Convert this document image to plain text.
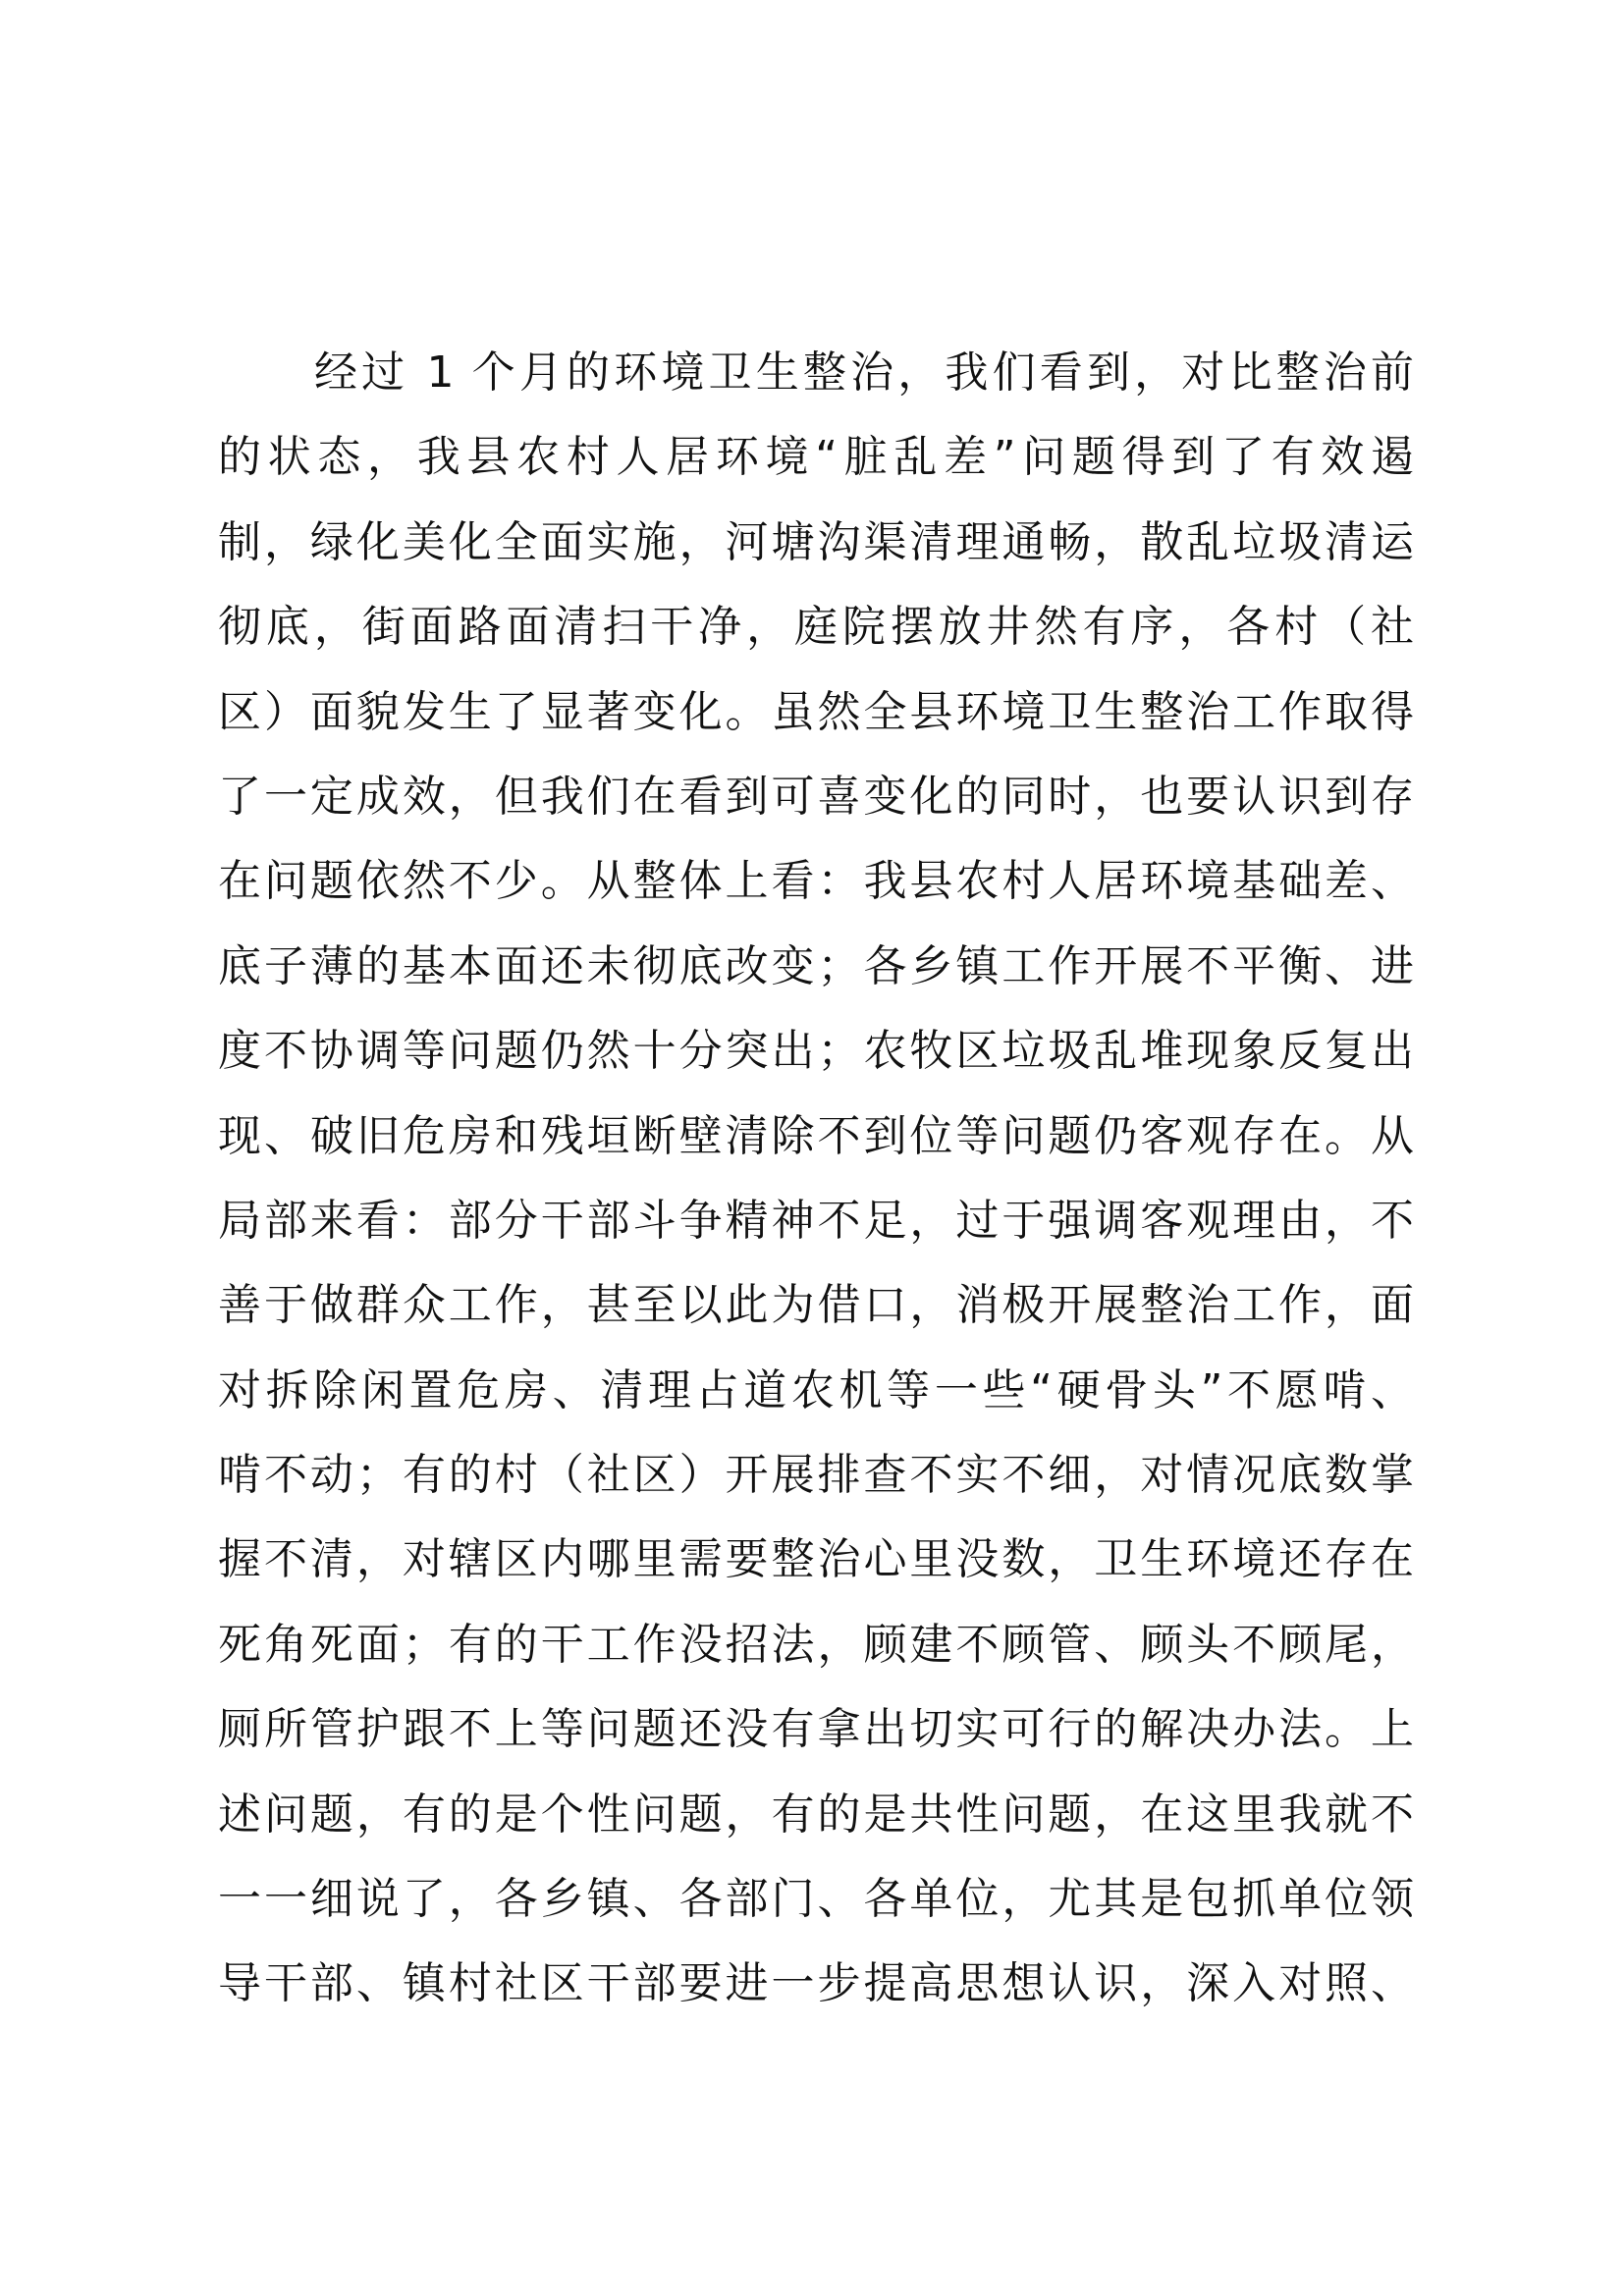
经过 1 个月的环境卫生整治，我们看到，对比整治前
的状态，我县农村人居环境“脏乱差”问题得到了有效遏
制，绿化美化全面实施，河塘沟渠清理通畅，散乱垃圾清运
彻底，街面路面清扫干净，庭院摆放井然有序，各村（社
区）面貌发生了显著变化。虽然全县环境卫生整治工作取得
了一定成效，但我们在看到可喜变化的同时，也要认识到存
在问题依然不少。从整体上看：我县农村人居环境基础差、
底子薄的基本面还未彻底改变；各乡镇工作开展不平衡、进
度不协调等问题仍然十分突出；农牧区垃圾乱堆现象反复出
现、破旧危房和残垣断壁清除不到位等问题仍客观存在。从
局部来看：部分干部斗争精神不足，过于强调客观理由，不
善于做群众工作，甚至以此为借口，消极开展整治工作，面
对拆除闲置危房、清理占道农机等一些“硬骨头”不愿啃、
啃不动；有的村（社区）开展排查不实不细，对情况底数掌
握不清，对辖区内哪里需要整治心里没数，卫生环境还存在
死角死面；有的干工作没招法，顾建不顾管、顾头不顾尾，
厕所管护跟不上等问题还没有拿出切实可行的解决办法。上
述问题，有的是个性问题，有的是共性问题，在这里我就不
一一细说了，各乡镇、各部门、各单位，尤其是包抓单位领
导干部、镇村社区干部要进一步提高思想认识，深入对照、
